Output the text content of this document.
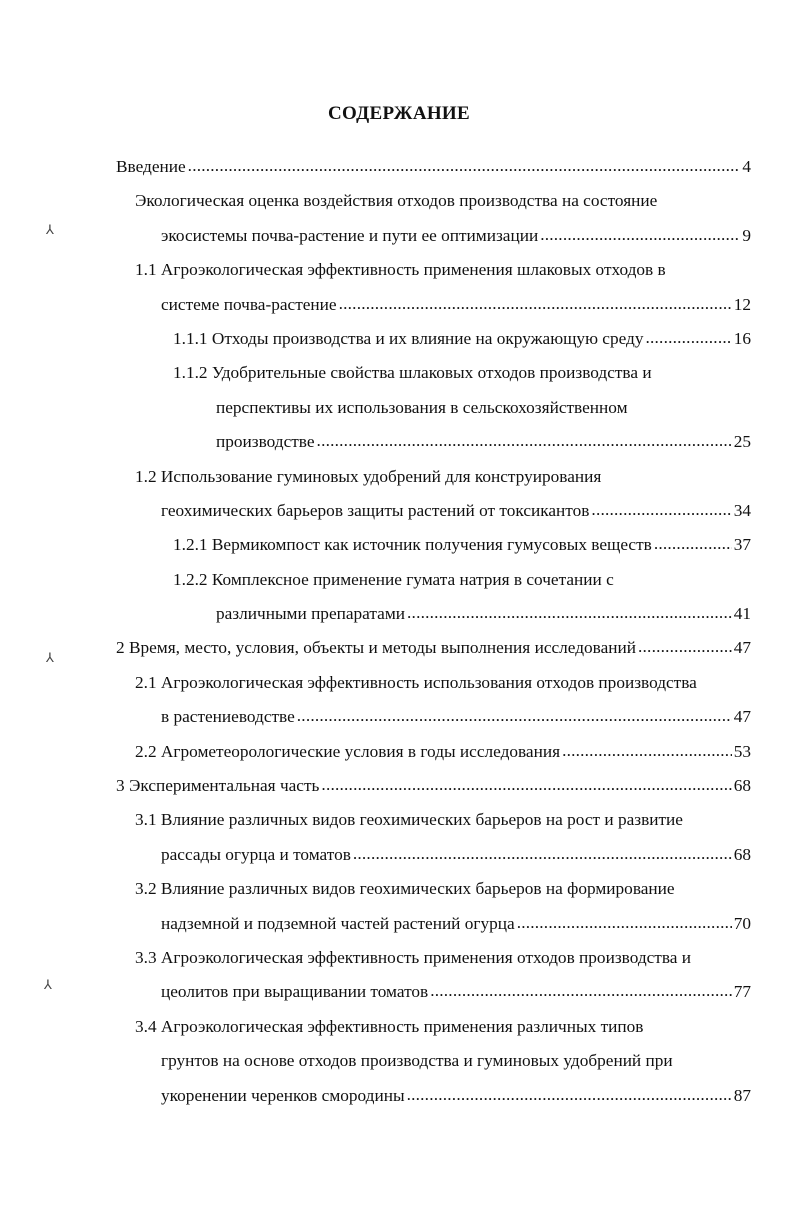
СОДЕРЖАНИЕ
⅄
⅄
⅄
Введение .....	4
Экологическая оценка воздействия отходов производства на состояние
экосистемы почва-растение и пути ее оптимизации .....	9
1.1 Агроэкологическая эффективность применения шлаковых отходов в
системе почва-растение .....	12
1.1.1 Отходы производства и их влияние на окружающую среду .....	16
1.1.2 Удобрительные свойства шлаковых отходов производства и
перспективы их использования в сельскохозяйственном
производстве .....	25
1.2 Использование гуминовых удобрений для конструирования
геохимических барьеров защиты растений от токсикантов .....	34
1.2.1 Вермикомпост как источник получения гумусовых веществ .....	37
1.2.2 Комплексное применение гумата натрия в сочетании с
различными препаратами .....	41
2 Время, место, условия, объекты и методы выполнения исследований .....	47
2.1 Агроэкологическая эффективность использования отходов производства
в растениеводстве .....	47
2.2 Агрометеорологические условия в годы исследования .....	53
3 Экспериментальная часть .....	68
3.1 Влияние различных видов геохимических барьеров на рост и развитие
рассады огурца и томатов .....	68
3.2 Влияние различных видов геохимических барьеров на формирование
надземной и подземной частей растений огурца .....	70
3.3 Агроэкологическая эффективность применения отходов производства и
цеолитов при выращивании томатов .....	77
3.4 Агроэкологическая эффективность применения различных типов
грунтов на основе отходов производства и гуминовых удобрений при
укоренении черенков смородины .....	87
